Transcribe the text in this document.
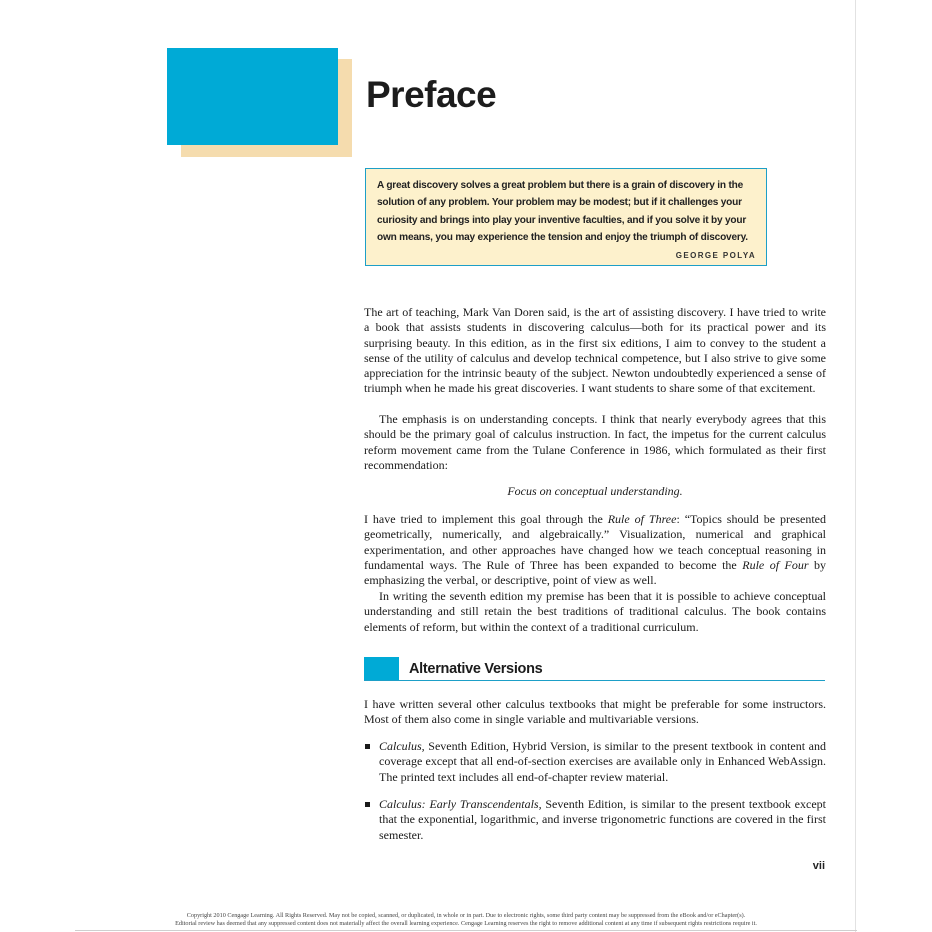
Preface

A great discovery solves a great problem but there is a grain of discovery in the solution of any problem. Your problem may be modest; but if it challenges your curiosity and brings into play your inventive faculties, and if you solve it by your own means, you may experience the tension and enjoy the triumph of discovery.

GEORGE POLYA

The art of teaching, Mark Van Doren said, is the art of assisting discovery. I have tried to write a book that assists students in discovering calculus—both for its practical power and its surprising beauty. In this edition, as in the first six editions, I aim to convey to the student a sense of the utility of calculus and develop technical competence, but I also strive to give some appreciation for the intrinsic beauty of the subject. Newton undoubtedly experienced a sense of triumph when he made his great discoveries. I want students to share some of that excitement.

The emphasis is on understanding concepts. I think that nearly everybody agrees that this should be the primary goal of calculus instruction. In fact, the impetus for the current calculus reform movement came from the Tulane Conference in 1986, which formulated as their first recommendation:

Focus on conceptual understanding.

I have tried to implement this goal through the Rule of Three: “Topics should be presented geometrically, numerically, and algebraically.” Visualization, numerical and graphical experimentation, and other approaches have changed how we teach conceptual reasoning in fundamental ways. The Rule of Three has been expanded to become the Rule of Four by emphasizing the verbal, or descriptive, point of view as well.

In writing the seventh edition my premise has been that it is possible to achieve conceptual understanding and still retain the best traditions of traditional calculus. The book contains elements of reform, but within the context of a traditional curriculum.

Alternative Versions

I have written several other calculus textbooks that might be preferable for some instructors. Most of them also come in single variable and multivariable versions.

Calculus, Seventh Edition, Hybrid Version, is similar to the present textbook in content and coverage except that all end-of-section exercises are available only in Enhanced WebAssign. The printed text includes all end-of-chapter review material.
Calculus: Early Transcendentals, Seventh Edition, is similar to the present textbook except that the exponential, logarithmic, and inverse trigonometric functions are covered in the first semester.
vii

Copyright 2010 Cengage Learning. All Rights Reserved. May not be copied, scanned, or duplicated, in whole or in part. Due to electronic rights, some third party content may be suppressed from the eBook and/or eChapter(s).
Editorial review has deemed that any suppressed content does not materially affect the overall learning experience. Cengage Learning reserves the right to remove additional content at any time if subsequent rights restrictions require it.
